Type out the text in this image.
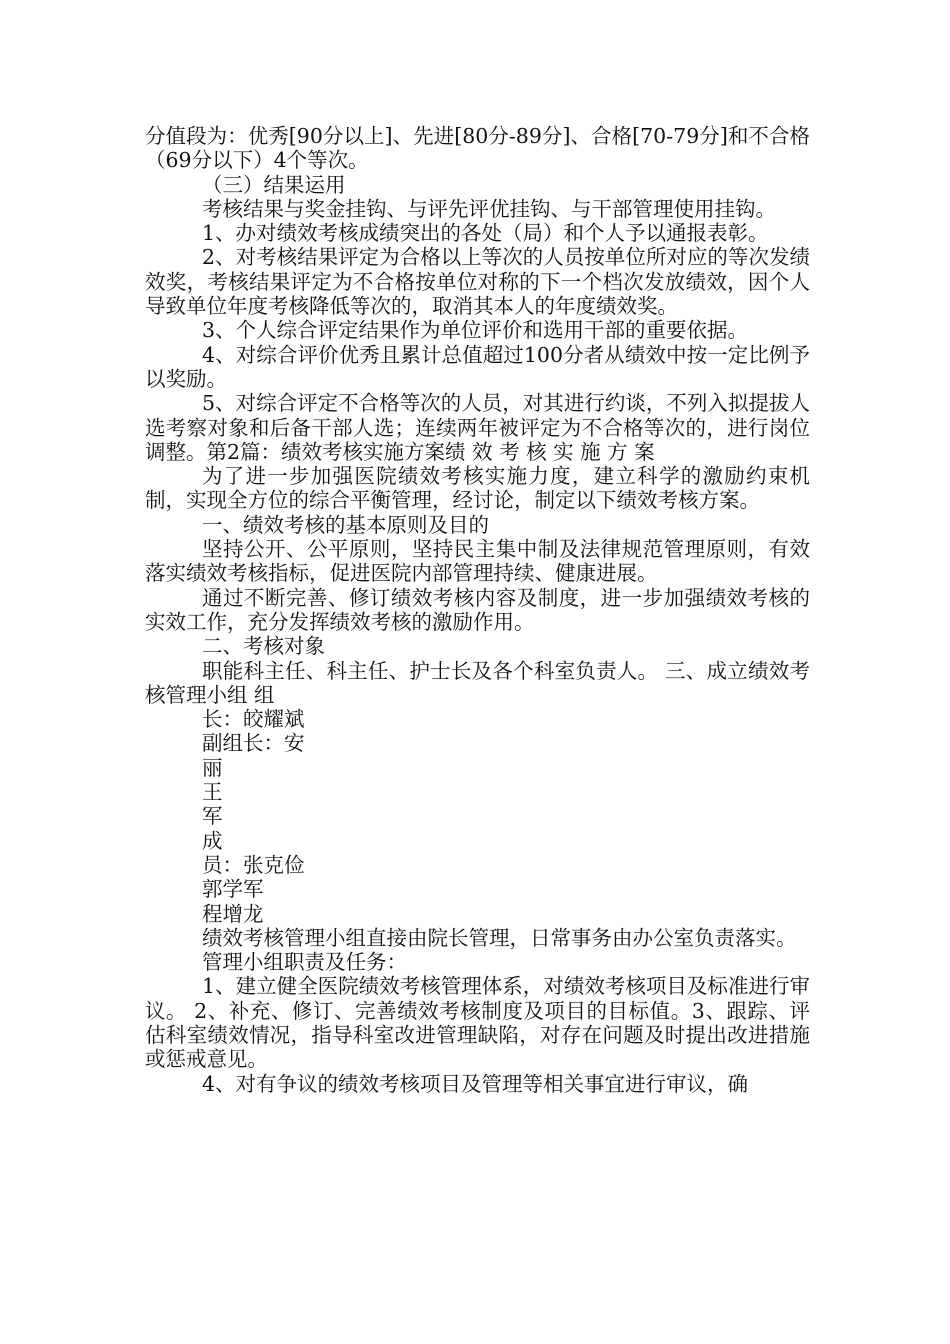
分值段为：优秀[90分以上]、先进[80分-89分]、合格[70-79分]和不合格（69分以下）4个等次。

（三）结果运用

考核结果与奖金挂钩、与评先评优挂钩、与干部管理使用挂钩。

1、办对绩效考核成绩突出的各处（局）和个人予以通报表彰。

2、对考核结果评定为合格以上等次的人员按单位所对应的等次发绩效奖，考核结果评定为不合格按单位对称的下一个档次发放绩效，因个人导致单位年度考核降低等次的，取消其本人的年度绩效奖。

3、个人综合评定结果作为单位评价和选用干部的重要依据。

4、对综合评价优秀且累计总值超过100分者从绩效中按一定比例予以奖励。

5、对综合评定不合格等次的人员，对其进行约谈，不列入拟提拔人选考察对象和后备干部人选；连续两年被评定为不合格等次的，进行岗位调整。第2篇：绩效考核实施方案绩 效 考 核 实 施 方 案

为了进一步加强医院绩效考核实施力度，建立科学的激励约束机制，实现全方位的综合平衡管理，经讨论，制定以下绩效考核方案。

一、绩效考核的基本原则及目的

坚持公开、公平原则，坚持民主集中制及法律规范管理原则，有效落实绩效考核指标，促进医院内部管理持续、健康进展。

通过不断完善、修订绩效考核内容及制度，进一步加强绩效考核的实效工作，充分发挥绩效考核的激励作用。

二、考核对象

职能科主任、科主任、护士长及各个科室负责人。 三、成立绩效考核管理小组 组

长：皎耀斌

副组长：安

丽

王

军

成

员：张克俭

郭学军

程增龙

绩效考核管理小组直接由院长管理，日常事务由办公室负责落实。

管理小组职责及任务：

1、建立健全医院绩效考核管理体系，对绩效考核项目及标准进行审议。 2、补充、修订、完善绩效考核制度及项目的目标值。3、跟踪、评估科室绩效情况，指导科室改进管理缺陷，对存在问题及时提出改进措施或惩戒意见。

4、对有争议的绩效考核项目及管理等相关事宜进行审议，确
